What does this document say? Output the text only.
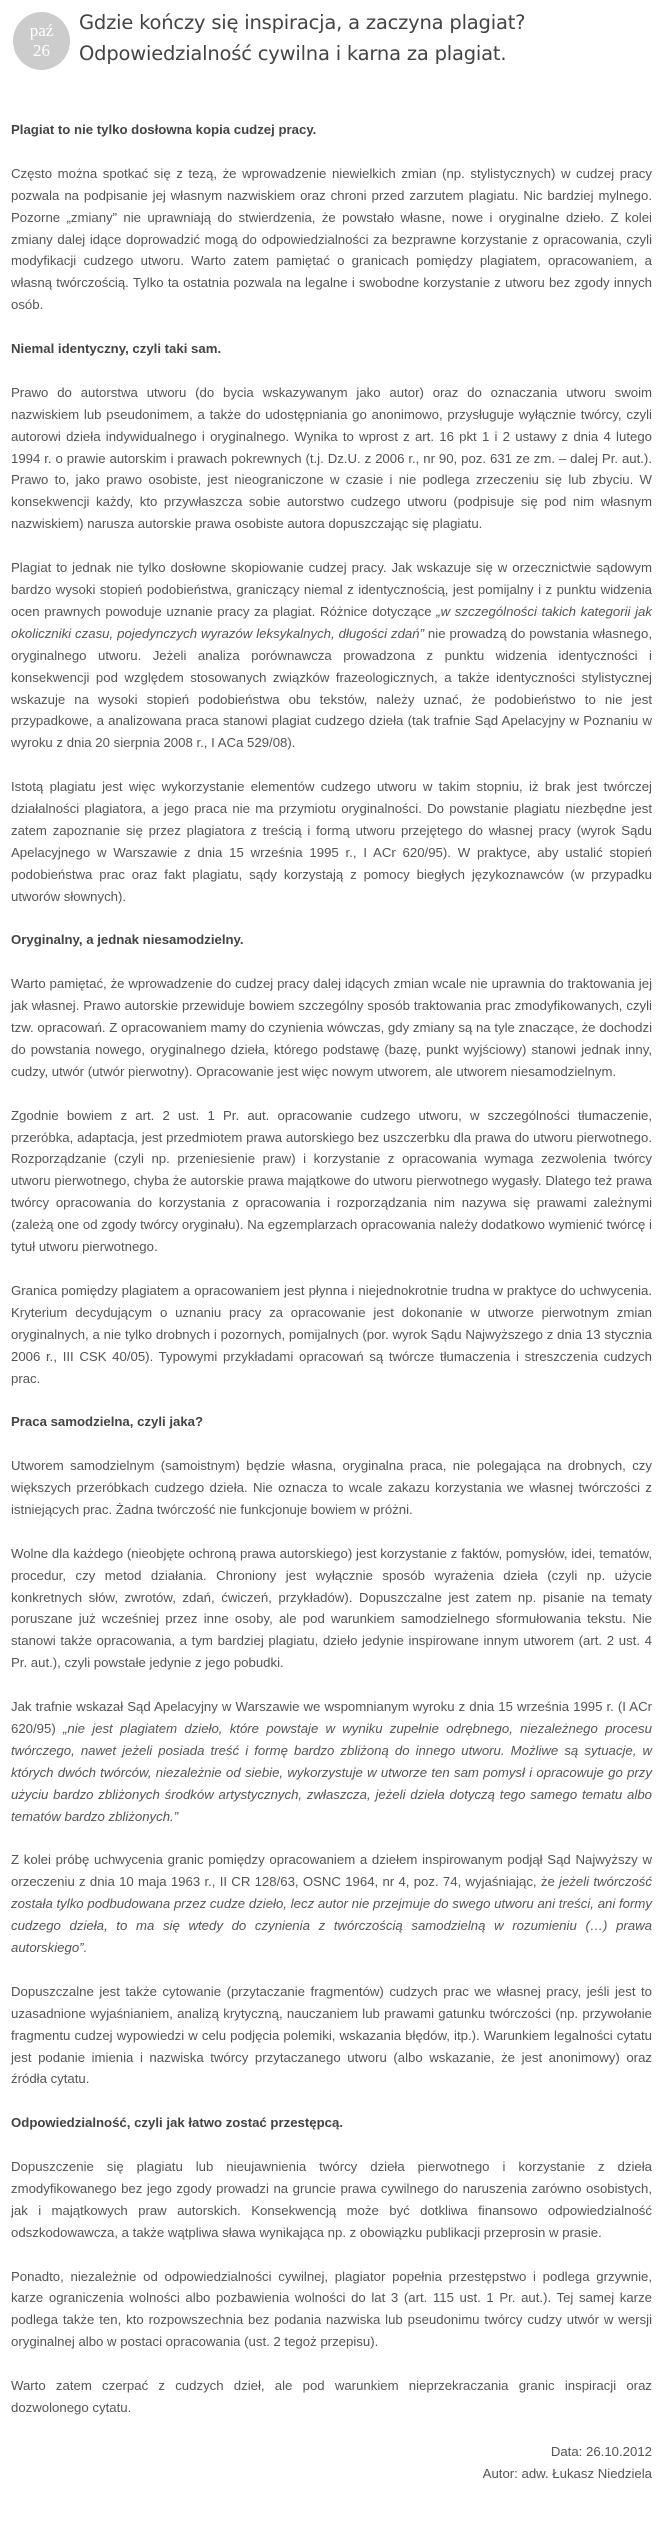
paź
26
Gdzie kończy się inspiracja, a zaczyna plagiat?
Odpowiedzialność cywilna i karna za plagiat.

Plagiat to nie tylko dosłowna kopia cudzej pracy.

Często można spotkać się z tezą, że wprowadzenie niewielkich zmian (np. stylistycznych) w cudzej pracy pozwala na podpisanie jej własnym nazwiskiem oraz chroni przed zarzutem plagiatu. Nic bardziej mylnego. Pozorne „zmiany” nie uprawniają do stwierdzenia, że powstało własne, nowe i oryginalne dzieło. Z kolei zmiany dalej idące doprowadzić mogą do odpowiedzialności za bezprawne korzystanie z opracowania, czyli modyfikacji cudzego utworu. Warto zatem pamiętać o granicach pomiędzy plagiatem, opracowaniem, a własną twórczością. Tylko ta ostatnia pozwala na legalne i swobodne korzystanie z utworu bez zgody innych osób.

Niemal identyczny, czyli taki sam.

Prawo do autorstwa utworu (do bycia wskazywanym jako autor) oraz do oznaczania utworu swoim nazwiskiem lub pseudonimem, a także do udostępniania go anonimowo, przysługuje wyłącznie twórcy, czyli autorowi dzieła indywidualnego i oryginalnego. Wynika to wprost z art. 16 pkt 1 i 2 ustawy z dnia 4 lutego 1994 r. o prawie autorskim i prawach pokrewnych (t.j. Dz.U. z 2006 r., nr 90, poz. 631 ze zm. – dalej Pr. aut.). Prawo to, jako prawo osobiste, jest nieograniczone w czasie i nie podlega zrzeczeniu się lub zbyciu. W konsekwencji każdy, kto przywłaszcza sobie autorstwo cudzego utworu (podpisuje się pod nim własnym nazwiskiem) narusza autorskie prawa osobiste autora dopuszczając się plagiatu.

Plagiat to jednak nie tylko dosłowne skopiowanie cudzej pracy. Jak wskazuje się w orzecznictwie sądowym bardzo wysoki stopień podobieństwa, graniczący niemal z identycznością, jest pomijalny i z punktu widzenia ocen prawnych powoduje uznanie pracy za plagiat. Różnice dotyczące „w szczególności takich kategorii jak okoliczniki czasu, pojedynczych wyrazów leksykalnych, długości zdań” nie prowadzą do powstania własnego, oryginalnego utworu. Jeżeli analiza porównawcza prowadzona z punktu widzenia identyczności i konsekwencji pod względem stosowanych związków frazeologicznych, a także identyczności stylistycznej wskazuje na wysoki stopień podobieństwa obu tekstów, należy uznać, że podobieństwo to nie jest przypadkowe, a analizowana praca stanowi plagiat cudzego dzieła (tak trafnie Sąd Apelacyjny w Poznaniu w wyroku z dnia 20 sierpnia 2008 r., I ACa 529/08).

Istotą plagiatu jest więc wykorzystanie elementów cudzego utworu w takim stopniu, iż brak jest twórczej działalności plagiatora, a jego praca nie ma przymiotu oryginalności. Do powstanie plagiatu niezbędne jest zatem zapoznanie się przez plagiatora z treścią i formą utworu przejętego do własnej pracy (wyrok Sądu Apelacyjnego w Warszawie z dnia 15 września 1995 r., I ACr 620/95). W praktyce, aby ustalić stopień podobieństwa prac oraz fakt plagiatu, sądy korzystają z pomocy biegłych językoznawców (w przypadku utworów słownych).

Oryginalny, a jednak niesamodzielny.

Warto pamiętać, że wprowadzenie do cudzej pracy dalej idących zmian wcale nie uprawnia do traktowania jej jak własnej. Prawo autorskie przewiduje bowiem szczególny sposób traktowania prac zmodyfikowanych, czyli tzw. opracowań. Z opracowaniem mamy do czynienia wówczas, gdy zmiany są na tyle znaczące, że dochodzi do powstania nowego, oryginalnego dzieła, którego podstawę (bazę, punkt wyjściowy) stanowi jednak inny, cudzy, utwór (utwór pierwotny). Opracowanie jest więc nowym utworem, ale utworem niesamodzielnym.

Zgodnie bowiem z art. 2 ust. 1 Pr. aut. opracowanie cudzego utworu, w szczególności tłumaczenie, przeróbka, adaptacja, jest przedmiotem prawa autorskiego bez uszczerbku dla prawa do utworu pierwotnego. Rozporządzanie (czyli np. przeniesienie praw) i korzystanie z opracowania wymaga zezwolenia twórcy utworu pierwotnego, chyba że autorskie prawa majątkowe do utworu pierwotnego wygasły. Dlatego też prawa twórcy opracowania do korzystania z opracowania i rozporządzania nim nazywa się prawami zależnymi (zależą one od zgody twórcy oryginału). Na egzemplarzach opracowania należy dodatkowo wymienić twórcę i tytuł utworu pierwotnego.

Granica pomiędzy plagiatem a opracowaniem jest płynna i niejednokrotnie trudna w praktyce do uchwycenia. Kryterium decydującym o uznaniu pracy za opracowanie jest dokonanie w utworze pierwotnym zmian oryginalnych, a nie tylko drobnych i pozornych, pomijalnych (por. wyrok Sądu Najwyższego z dnia 13 stycznia 2006 r., III CSK 40/05). Typowymi przykładami opracowań są twórcze tłumaczenia i streszczenia cudzych prac.

Praca samodzielna, czyli jaka?

Utworem samodzielnym (samoistnym) będzie własna, oryginalna praca, nie polegająca na drobnych, czy większych przeróbkach cudzego dzieła. Nie oznacza to wcale zakazu korzystania we własnej twórczości z istniejących prac. Żadna twórczość nie funkcjonuje bowiem w próżni.

Wolne dla każdego (nieobjęte ochroną prawa autorskiego) jest korzystanie z faktów, pomysłów, idei, tematów, procedur, czy metod działania. Chroniony jest wyłącznie sposób wyrażenia dzieła (czyli np. użycie konkretnych słów, zwrotów, zdań, ćwiczeń, przykładów). Dopuszczalne jest zatem np. pisanie na tematy poruszane już wcześniej przez inne osoby, ale pod warunkiem samodzielnego sformułowania tekstu. Nie stanowi także opracowania, a tym bardziej plagiatu, dzieło jedynie inspirowane innym utworem (art. 2 ust. 4 Pr. aut.), czyli powstałe jedynie z jego pobudki.

Jak trafnie wskazał Sąd Apelacyjny w Warszawie we wspomnianym wyroku z dnia 15 września 1995 r. (I ACr 620/95) „nie jest plagiatem dzieło, które powstaje w wyniku zupełnie odrębnego, niezależnego procesu twórczego, nawet jeżeli posiada treść i formę bardzo zbliżoną do innego utworu. Możliwe są sytuacje, w których dwóch twórców, niezależnie od siebie, wykorzystuje w utworze ten sam pomysł i opracowuje go przy użyciu bardzo zbliżonych środków artystycznych, zwłaszcza, jeżeli dzieła dotyczą tego samego tematu albo tematów bardzo zbliżonych.”

Z kolei próbę uchwycenia granic pomiędzy opracowaniem a dziełem inspirowanym podjął Sąd Najwyższy w orzeczeniu z dnia 10 maja 1963 r., II CR 128/63, OSNC 1964, nr 4, poz. 74, wyjaśniając, że jeżeli twórczość została tylko podbudowana przez cudze dzieło, lecz autor nie przejmuje do swego utworu ani treści, ani formy cudzego dzieła, to ma się wtedy do czynienia z twórczością samodzielną w rozumieniu (…) prawa autorskiego”.

Dopuszczalne jest także cytowanie (przytaczanie fragmentów) cudzych prac we własnej pracy, jeśli jest to uzasadnione wyjaśnianiem, analizą krytyczną, nauczaniem lub prawami gatunku twórczości (np. przywołanie fragmentu cudzej wypowiedzi w celu podjęcia polemiki, wskazania błędów, itp.). Warunkiem legalności cytatu jest podanie imienia i nazwiska twórcy przytaczanego utworu (albo wskazanie, że jest anonimowy) oraz źródła cytatu.

Odpowiedzialność, czyli jak łatwo zostać przestępcą.

Dopuszczenie się plagiatu lub nieujawnienia twórcy dzieła pierwotnego i korzystanie z dzieła zmodyfikowanego bez jego zgody prowadzi na gruncie prawa cywilnego do naruszenia zarówno osobistych, jak i majątkowych praw autorskich. Konsekwencją może być dotkliwa finansowo odpowiedzialność odszkodowawcza, a także wątpliwa sława wynikająca np. z obowiązku publikacji przeprosin w prasie.

Ponadto, niezależnie od odpowiedzialności cywilnej, plagiator popełnia przestępstwo i podlega grzywnie, karze ograniczenia wolności albo pozbawienia wolności do lat 3 (art. 115 ust. 1 Pr. aut.). Tej samej karze podlega także ten, kto rozpowszechnia bez podania nazwiska lub pseudonimu twórcy cudzy utwór w wersji oryginalnej albo w postaci opracowania (ust. 2 tegoż przepisu).

Warto zatem czerpać z cudzych dzieł, ale pod warunkiem nieprzekraczania granic inspiracji oraz dozwolonego cytatu.

Data: 26.10.2012

Autor: adw. Łukasz Niedziela
